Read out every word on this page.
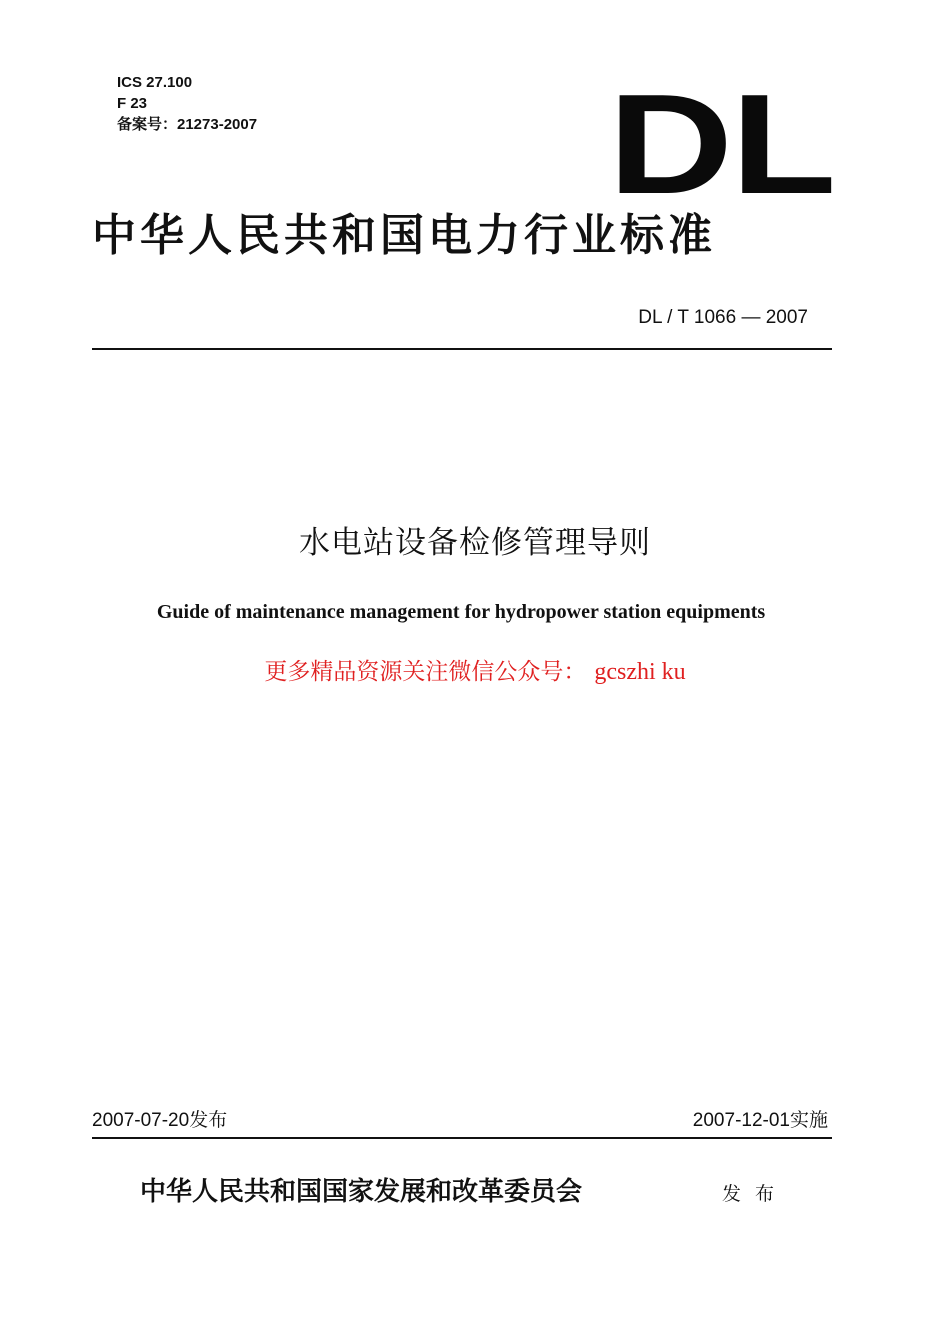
ICS 27.100
F 23
备案号：21273-2007 DL
中华人民共和国电力行业标准
DL / T 1066 — 2007
水电站设备检修管理导则
Guide of maintenance management for hydropower station equipments
更多精品资源关注微信公众号： gcszhi ku
2007-07-20发布	2007-12-01实施
中华人民共和国国家发展和改革委员会	发布
